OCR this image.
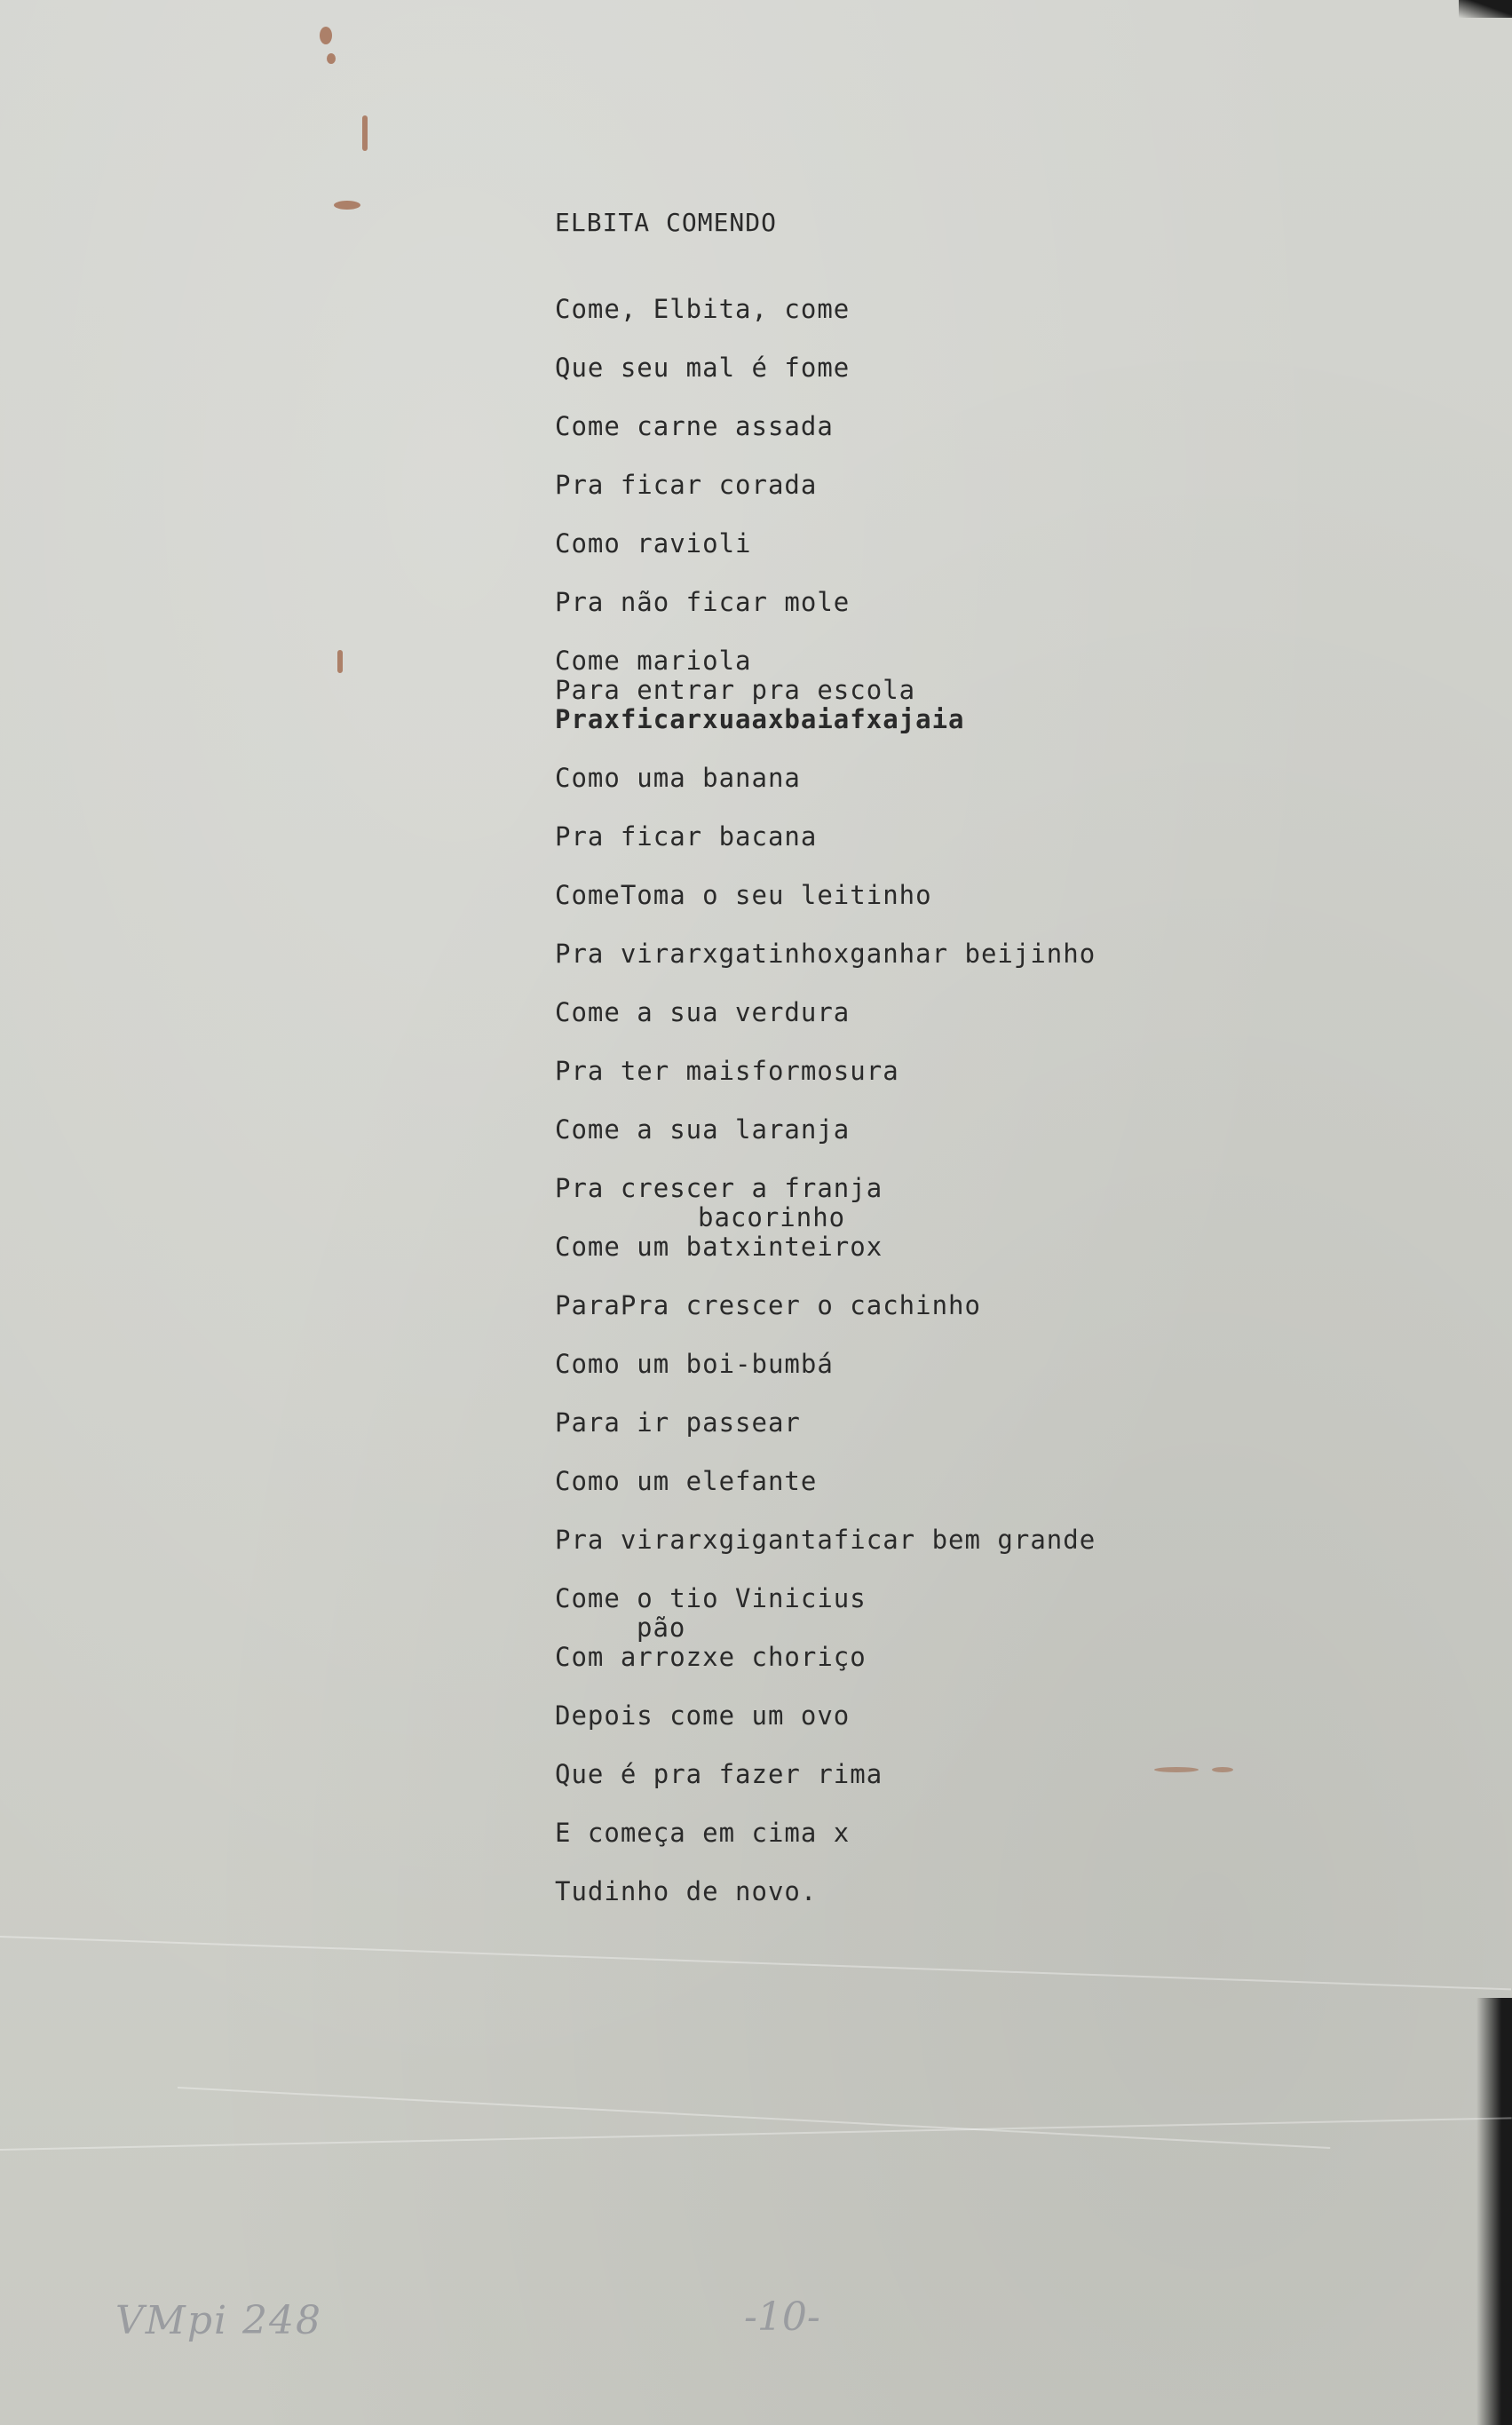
ELBITA COMENDO
Come, Elbita, come
Que seu mal é fome
Come carne assada
Pra ficar corada
Como ravioli
Pra não ficar mole
Come mariola
Para entrar pra escola
Praxficarxuaaxbaiafxajaia
Como uma banana
Pra ficar bacana
ComeToma o seu leitinho
Pra virarxgatinhoxganhar beijinho
Come a sua verdura
Pra ter maisformosura
Come a sua laranja
Pra crescer a franja
bacorinho
Come um batxinteirox
ParaPra crescer o cachinho
Como um boi-bumbá
Para ir passear
Como um elefante
Pra virarxgigantaficar bem grande
Come o tio Vinicius
pão
Com arrozxe choriço
Depois come um ovo
Que é pra fazer rima
E começa em cima x
Tudinho de novo.
VMpi 248	-10-
